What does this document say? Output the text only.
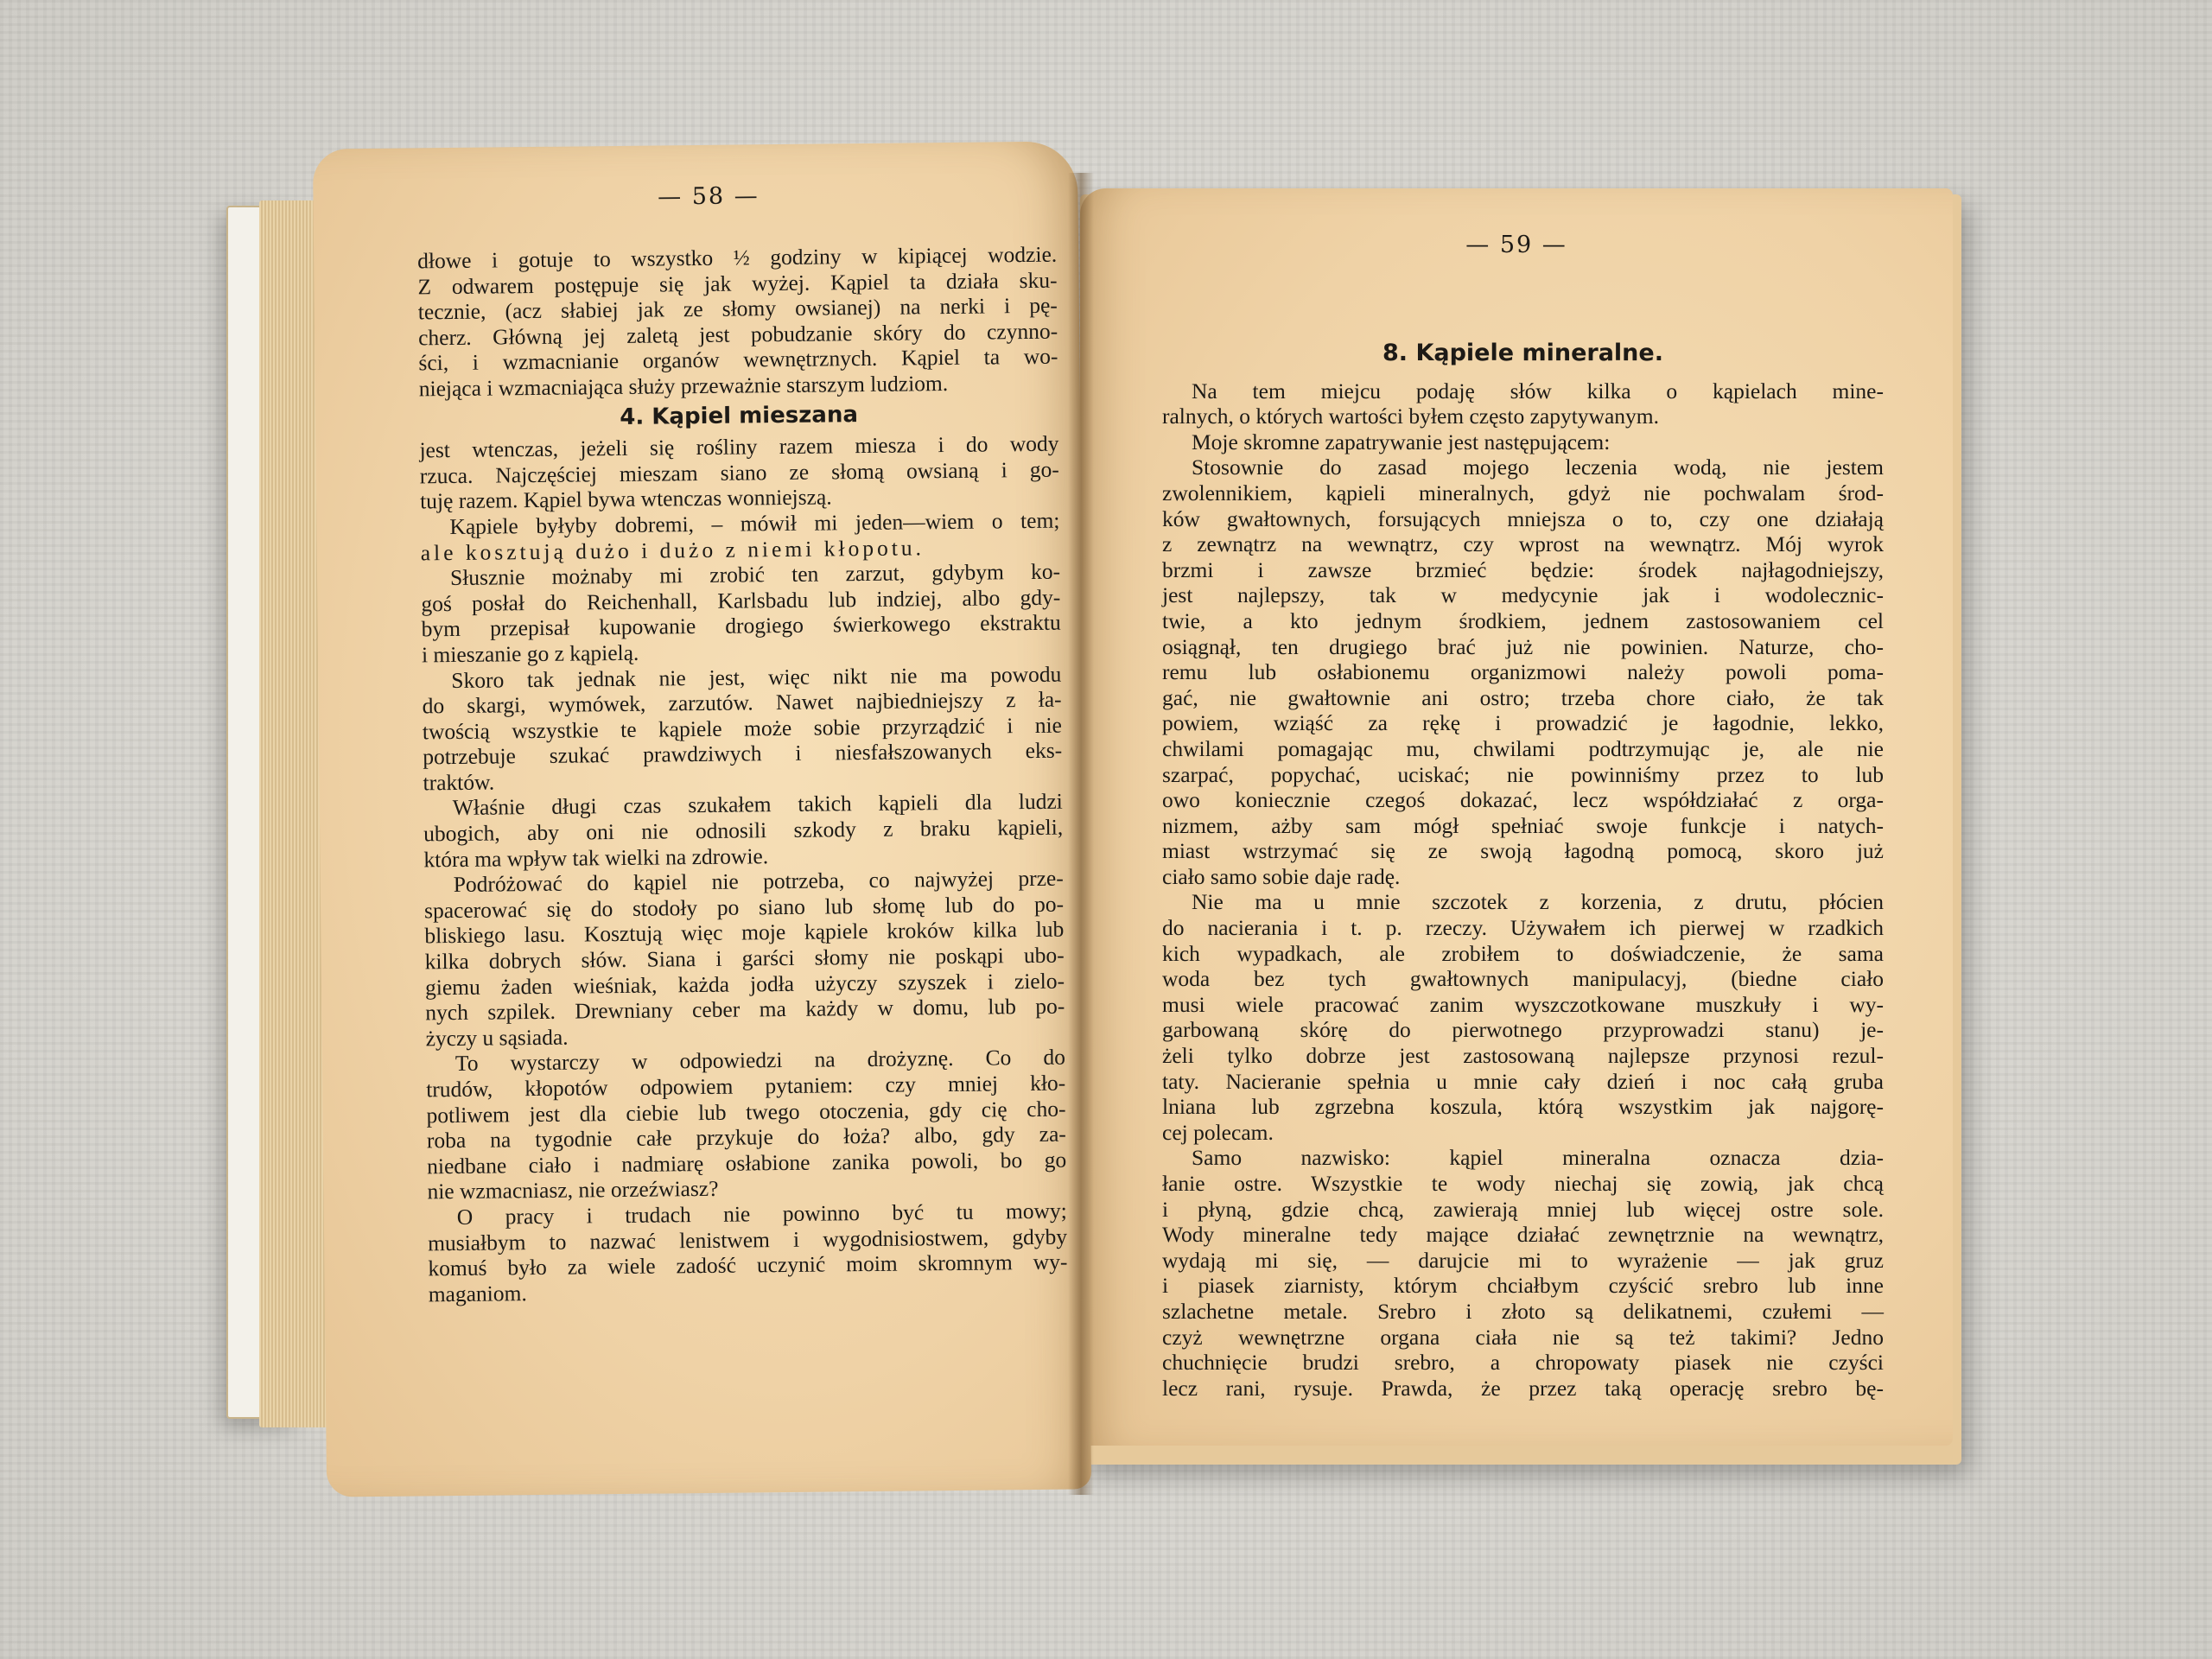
— 59 —
8. Kąpiele mineralne.
Na tem miejcu podaję słów kilka o kąpielach mine-
ralnych, o których wartości byłem często zapytywanym.
Moje skromne zapatrywanie jest następującem:
Stosownie do zasad mojego leczenia wodą, nie jestem
zwolennikiem, kąpieli mineralnych, gdyż nie pochwalam środ-
ków gwałtownych, forsujących mniejsza o to, czy one działają
z zewnątrz na wewnątrz, czy wprost na wewnątrz. Mój wyrok
brzmi i zawsze brzmieć będzie: środek najłagodniejszy,
jest najlepszy, tak w medycynie jak i wodolecznic-
twie, a kto jednym środkiem, jednem zastosowaniem cel
osiągnął, ten drugiego brać już nie powinien. Naturze, cho-
remu lub osłabionemu organizmowi należy powoli poma-
gać, nie gwałtownie ani ostro; trzeba chore ciało, że tak
powiem, wziąść za rękę i prowadzić je łagodnie, lekko,
chwilami pomagając mu, chwilami podtrzymując je, ale nie
szarpać, popychać, uciskać; nie powinniśmy przez to lub
owo koniecznie czegoś dokazać, lecz współdziałać z orga-
nizmem, ażby sam mógł spełniać swoje funkcje i natych-
miast wstrzymać się ze swoją łagodną pomocą, skoro już
ciało samo sobie daje radę.
Nie ma u mnie szczotek z korzenia, z drutu, płócien
do nacierania i t. p. rzeczy. Używałem ich pierwej w rzadkich
kich wypadkach, ale zrobiłem to doświadczenie, że sama
woda bez tych gwałtownych manipulacyj, (biedne ciało
musi wiele pracować zanim wyszczotkowane muszkuły i wy-
garbowaną skórę do pierwotnego przyprowadzi stanu) je-
żeli tylko dobrze jest zastosowaną najlepsze przynosi rezul-
taty. Nacieranie spełnia u mnie cały dzień i noc całą gruba
lniana lub zgrzebna koszula, którą wszystkim jak najgorę-
cej polecam.
Samo nazwisko: kąpiel mineralna oznacza dzia-
łanie ostre. Wszystkie te wody niechaj się zowią, jak chcą
i płyną, gdzie chcą, zawierają mniej lub więcej ostre sole.
Wody mineralne tedy mające działać zewnętrznie na wewnątrz,
wydają mi się, — darujcie mi to wyrażenie — jak gruz
i piasek ziarnisty, którym chciałbym czyścić srebro lub inne
szlachetne metale. Srebro i złoto są delikatnemi, czułemi —
czyż wewnętrzne organa ciała nie są też takimi? Jedno
chuchnięcie brudzi srebro, a chropowaty piasek nie czyści
lecz rani, rysuje. Prawda, że przez taką operację srebro bę-
— 58 —
dłowe i gotuje to wszystko ½ godziny w kipiącej wodzie.
Z odwarem postępuje się jak wyżej. Kąpiel ta działa sku-
tecznie, (acz słabiej jak ze słomy owsianej) na nerki i pę-
cherz. Główną jej zaletą jest pobudzanie skóry do czynno-
ści, i wzmacnianie organów wewnętrznych. Kąpiel ta wo-
niejąca i wzmacniająca służy przeważnie starszym ludziom.
4. Kąpiel mieszana
jest wtenczas, jeżeli się rośliny razem miesza i do wody
rzuca. Najczęściej mieszam siano ze słomą owsianą i go-
tuję razem. Kąpiel bywa wtenczas wonniejszą.
Kąpiele byłyby dobremi, – mówił mi jeden—wiem o tem;
ale kosztują dużo i dużo z niemi kłopotu.
Słusznie możnaby mi zrobić ten zarzut, gdybym ko-
goś posłał do Reichenhall, Karlsbadu lub indziej, albo gdy-
bym przepisał kupowanie drogiego świerkowego ekstraktu
i mieszanie go z kąpielą.
Skoro tak jednak nie jest, więc nikt nie ma powodu
do skargi, wymówek, zarzutów. Nawet najbiedniejszy z ła-
twością wszystkie te kąpiele może sobie przyrządzić i nie
potrzebuje szukać prawdziwych i niesfałszowanych eks-
traktów.
Właśnie długi czas szukałem takich kąpieli dla ludzi
ubogich, aby oni nie odnosili szkody z braku kąpieli,
która ma wpływ tak wielki na zdrowie.
Podróżować do kąpiel nie potrzeba, co najwyżej prze-
spacerować się do stodoły po siano lub słomę lub do po-
bliskiego lasu. Kosztują więc moje kąpiele kroków kilka lub
kilka dobrych słów. Siana i garści słomy nie poskąpi ubo-
giemu żaden wieśniak, każda jodła użyczy szyszek i zielo-
nych szpilek. Drewniany ceber ma każdy w domu, lub po-
życzy u sąsiada.
To wystarczy w odpowiedzi na drożyznę. Co do
trudów, kłopotów odpowiem pytaniem: czy mniej kło-
potliwem jest dla ciebie lub twego otoczenia, gdy cię cho-
roba na tygodnie całe przykuje do łoża? albo, gdy za-
niedbane ciało i nadmiarę osłabione zanika powoli, bo go
nie wzmacniasz, nie orzeźwiasz?
O pracy i trudach nie powinno być tu mowy;
musiałbym to nazwać lenistwem i wygodnisiostwem, gdyby
komuś było za wiele zadość uczynić moim skromnym wy-
maganiom.
